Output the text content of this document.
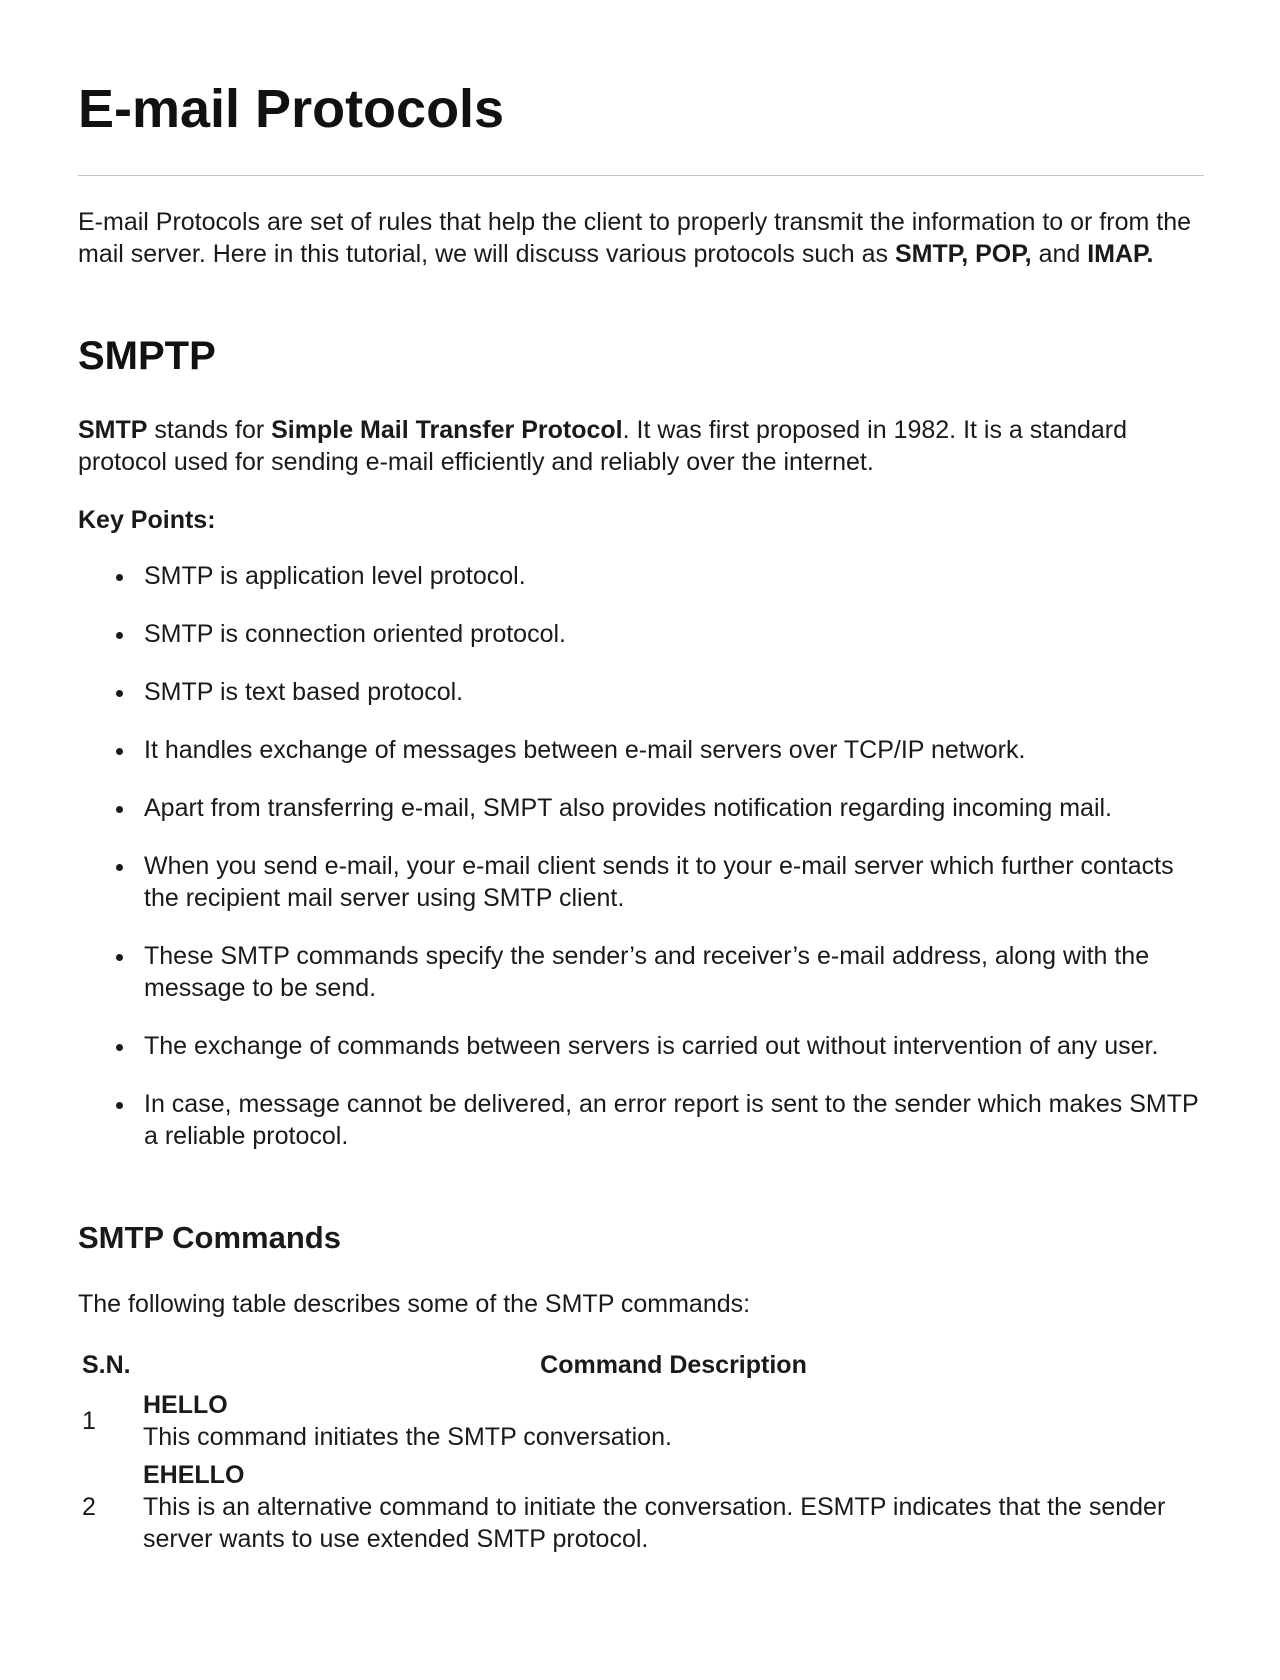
E-mail Protocols

E-mail Protocols are set of rules that help the client to properly transmit the information to or from the mail server. Here in this tutorial, we will discuss various protocols such as SMTP, POP, and IMAP.

SMPTP

SMTP stands for Simple Mail Transfer Protocol. It was first proposed in 1982. It is a standard protocol used for sending e-mail efficiently and reliably over the internet.

Key Points:

SMTP is application level protocol.
SMTP is connection oriented protocol.
SMTP is text based protocol.
It handles exchange of messages between e-mail servers over TCP/IP network.
Apart from transferring e-mail, SMPT also provides notification regarding incoming mail.
When you send e-mail, your e-mail client sends it to your e-mail server which further contacts the recipient mail server using SMTP client.
These SMTP commands specify the sender’s and receiver’s e-mail address, along with the message to be send.
The exchange of commands between servers is carried out without intervention of any user.
In case, message cannot be delivered, an error report is sent to the sender which makes SMTP a reliable protocol.
SMTP Commands

The following table describes some of the SMTP commands:

S.N.	Command Description
1	HELLO
This command initiates the SMTP conversation.

2	EHELLO
This is an alternative command to initiate the conversation. ESMTP indicates that the sender server wants to use extended SMTP protocol.
